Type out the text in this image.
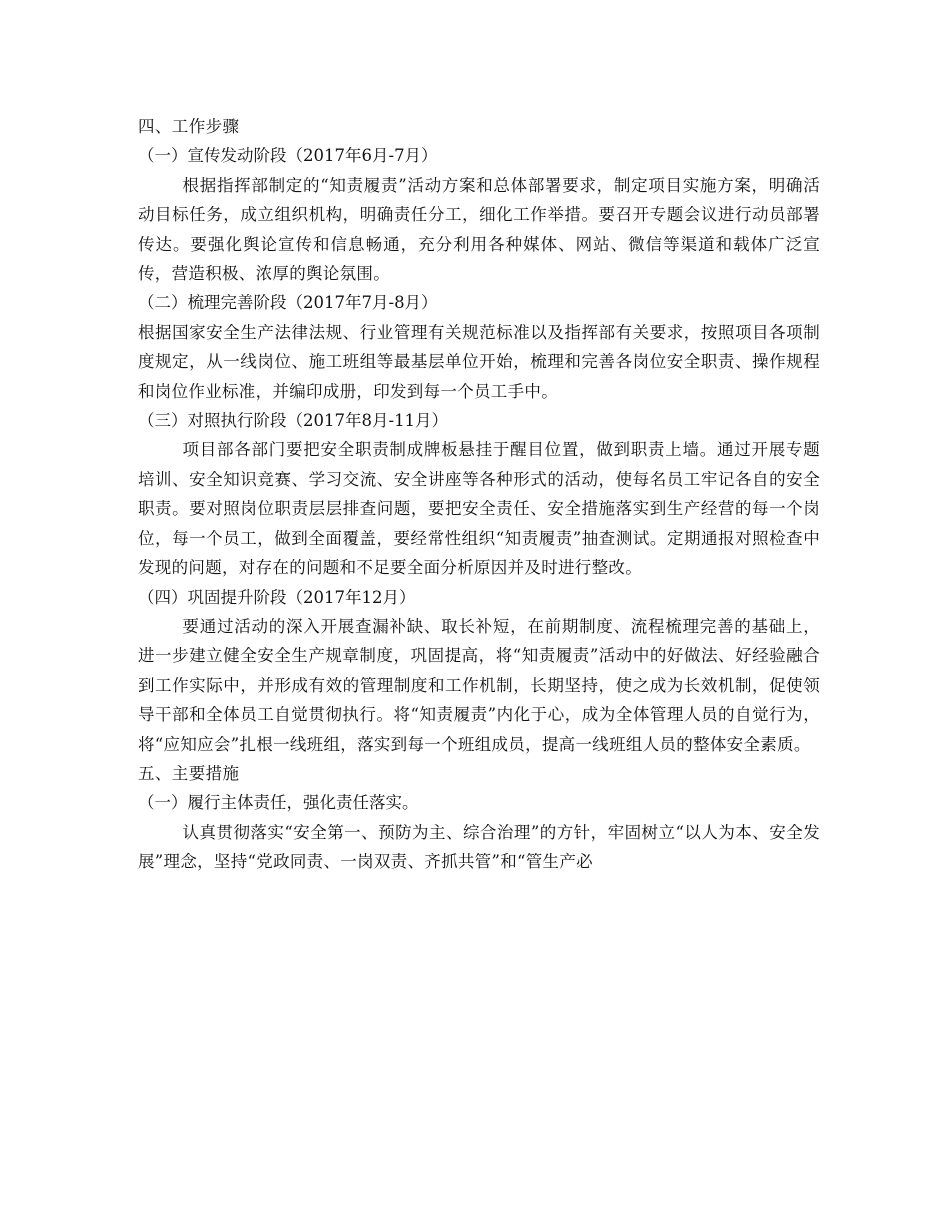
四、工作步骤

（一）宣传发动阶段（2017年6月-7月）

根据指挥部制定的“知责履责”活动方案和总体部署要求，制定项目实施方案，明确活动目标任务，成立组织机构，明确责任分工，细化工作举措。要召开专题会议进行动员部署传达。要强化舆论宣传和信息畅通，充分利用各种媒体、网站、微信等渠道和载体广泛宣传，营造积极、浓厚的舆论氛围。

（二）梳理完善阶段（2017年7月-8月）

根据国家安全生产法律法规、行业管理有关规范标准以及指挥部有关要求，按照项目各项制度规定，从一线岗位、施工班组等最基层单位开始，梳理和完善各岗位安全职责、操作规程和岗位作业标准，并编印成册，印发到每一个员工手中。

（三）对照执行阶段（2017年8月-11月）

项目部各部门要把安全职责制成牌板悬挂于醒目位置，做到职责上墙。通过开展专题培训、安全知识竞赛、学习交流、安全讲座等各种形式的活动，使每名员工牢记各自的安全职责。要对照岗位职责层层排查问题，要把安全责任、安全措施落实到生产经营的每一个岗位，每一个员工，做到全面覆盖，要经常性组织“知责履责”抽查测试。定期通报对照检查中发现的问题，对存在的问题和不足要全面分析原因并及时进行整改。

（四）巩固提升阶段（2017年12月）

要通过活动的深入开展查漏补缺、取长补短，在前期制度、流程梳理完善的基础上，进一步建立健全安全生产规章制度，巩固提高，将“知责履责”活动中的好做法、好经验融合到工作实际中，并形成有效的管理制度和工作机制，长期坚持，使之成为长效机制，促使领导干部和全体员工自觉贯彻执行。将“知责履责”内化于心，成为全体管理人员的自觉行为，将“应知应会”扎根一线班组，落实到每一个班组成员，提高一线班组人员的整体安全素质。

五、主要措施

（一）履行主体责任，强化责任落实。

认真贯彻落实“安全第一、预防为主、综合治理”的方针，牢固树立“以人为本、安全发展”理念，坚持“党政同责、一岗双责、齐抓共管”和“管生产必
